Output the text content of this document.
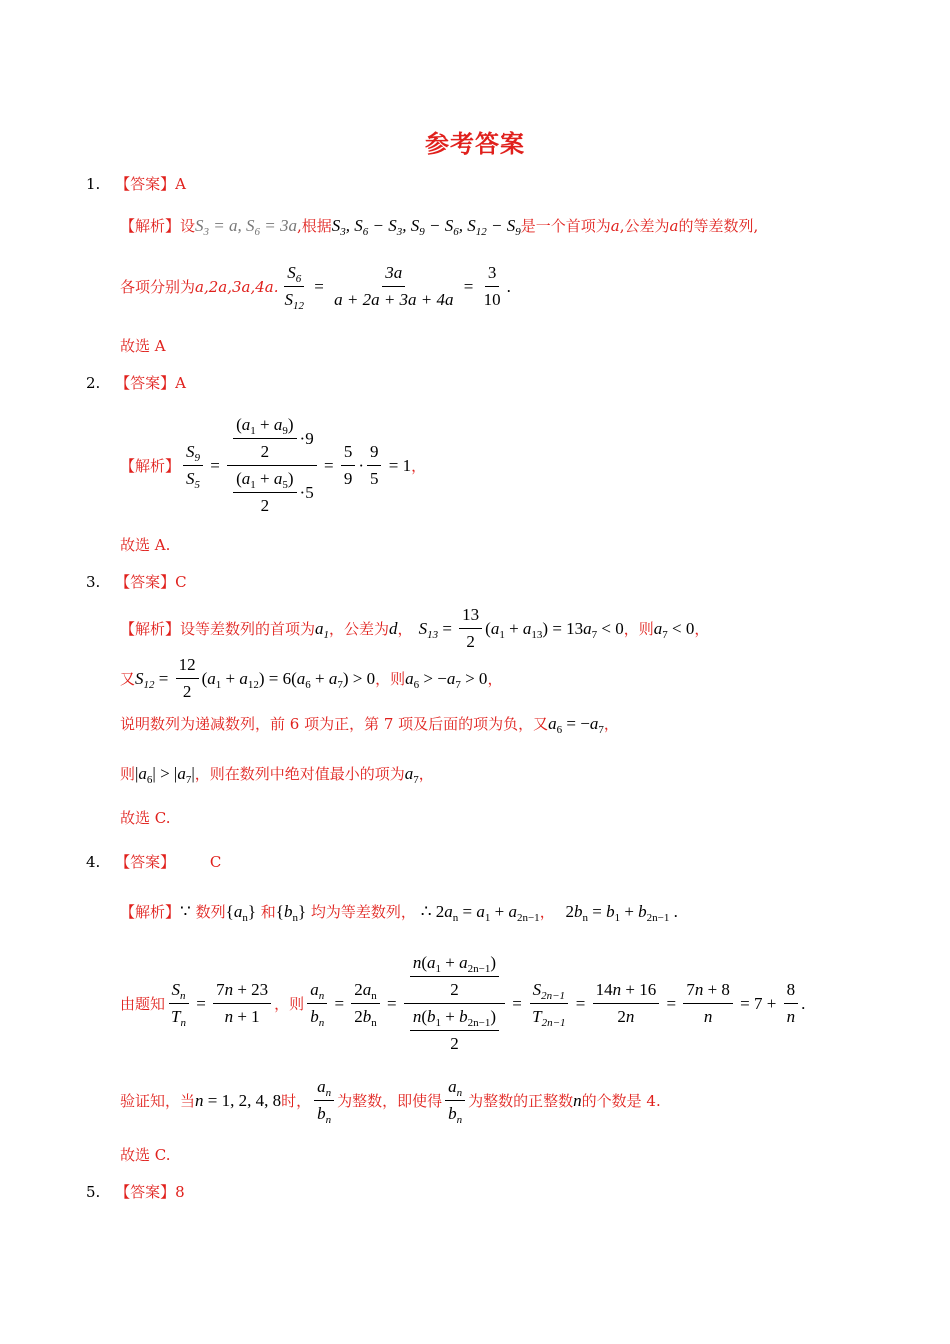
参考答案
1. 【答案】A
【解析】设$S_3 = a$, $S_6 = 3a$,根据$S_3$, $S_6 - S_3$, $S_9 - S_6$, $S_{12} - S_9$是一个首项为a,公差为a的等差数列,
各项分别为 a,2a,3a,4a. $\frac{S_6}{S_{12}} = \frac{3a}{a + 2a + 3a + 4a} = \frac{3}{10}$ .
故选 A
2. 【答案】A
【解析】 $\frac{S_9}{S_5} = \frac{\frac{(a_1 + a_9)}{2} \cdot 9}{\frac{(a_1 + a_5)}{2} \cdot 5} = \frac{5}{9} \cdot \frac{9}{5} = 1$ ，
故选 A.
3. 【答案】C
【解析】 设等差数列的首项为 $a_1$ ，公差为 d ， $S_{13} = \frac{13}{2} (a_1 + a_{13}) = 13a_7 < 0$ ，则 $a_7 < 0$ ，
又 $S_{12} = \frac{12}{2} (a_1 + a_{12}) = 6(a_6 + a_7) > 0$ ，则 $a_6 > -a_7 > 0$ ，
说明数列为递减数列，前 6 项为正，第 7 项及后面的项为负，又$a_6 = -a_7$，
则$|a_6| > |a_7|$，则在数列中绝对值最小的项为$a_7$，
故选 C.
4. 【答案】 C
【解析】∵ 数列$\{a_n\}$ 和$\{b_n\}$ 均为等差数列， ∴ $2a_n = a_1 + a_{2n-1}$， $2b_n = b_1 + b_{2n-1}$ .
由题知 $\frac{S_n}{T_n} = \frac{7n + 23}{n + 1}$ ，则 $\frac{a_n}{b_n} = \frac{2a_n}{2b_n} = \frac{\frac{n(a_1 + a_{2n-1})}{2}}{\frac{n(b_1 + b_{2n-1})}{2}} = \frac{S_{2n-1}}{T_{2n-1}} = \frac{14n + 16}{2n} = \frac{7n + 8}{n} = 7 + \frac{8}{n}$ .
验证知，当 n = 1, 2, 4, 8 时， $\frac{a_n}{b_n}$ 为整数，即使得 $\frac{a_n}{b_n}$ 为整数的正整数 n 的个数是 4.
故选 C.
5. 【答案】8
